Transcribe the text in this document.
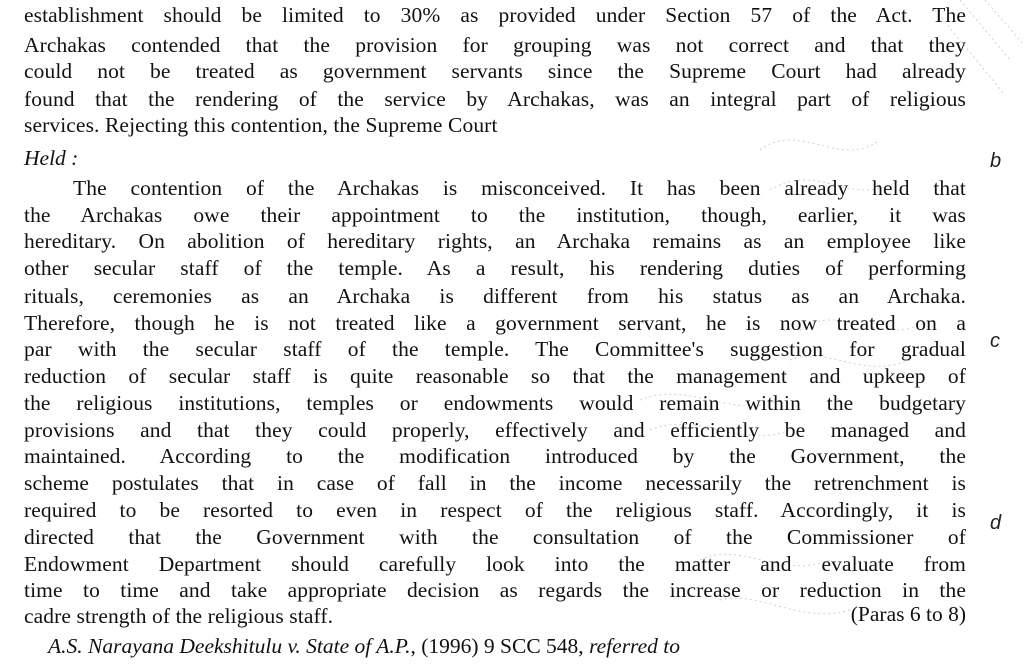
establishment should be limited to 30% as provided under Section 57 of the Act. The
Archakas contended that the provision for grouping was not correct and that they
could not be treated as government servants since the Supreme Court had already
found that the rendering of the service by Archakas, was an integral part of religious
services. Rejecting this contention, the Supreme Court
Held :
The contention of the Archakas is misconceived. It has been already held that
the Archakas owe their appointment to the institution, though, earlier, it was
hereditary. On abolition of hereditary rights, an Archaka remains as an employee like
other secular staff of the temple. As a result, his rendering duties of performing
rituals, ceremonies as an Archaka is different from his status as an Archaka.
Therefore, though he is not treated like a government servant, he is now treated on a
par with the secular staff of the temple. The Committee's suggestion for gradual
reduction of secular staff is quite reasonable so that the management and upkeep of
the religious institutions, temples or endowments would remain within the budgetary
provisions and that they could properly, effectively and efficiently be managed and
maintained. According to the modification introduced by the Government, the
scheme postulates that in case of fall in the income necessarily the retrenchment is
required to be resorted to even in respect of the religious staff. Accordingly, it is
directed that the Government with the consultation of the Commissioner of
Endowment Department should carefully look into the matter and evaluate from
time to time and take appropriate decision as regards the increase or reduction in the
cadre strength of the religious staff.	(Paras 6 to 8)
A.S. Narayana Deekshitulu v. State of A.P., (1996) 9 SCC 548, referred to
b
c
d
